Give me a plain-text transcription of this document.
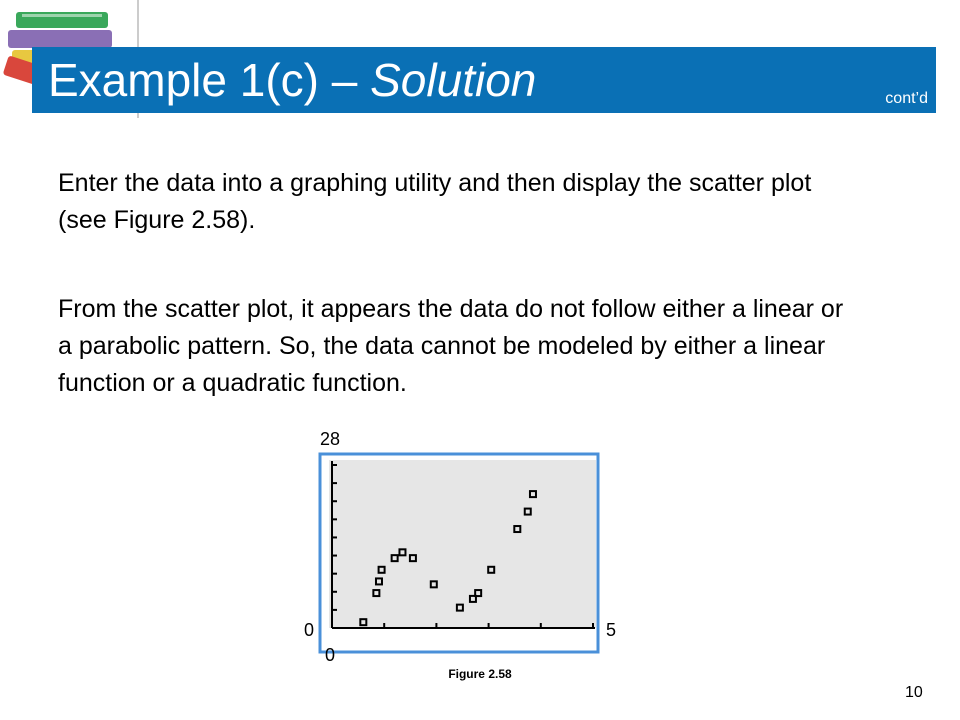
Example 1(c) – Solution	cont’d

Enter the data into a graphing utility and then display the scatter plot (see Figure 2.58).

From the scatter plot, it appears the data do not follow either a linear or a parabolic pattern. So, the data cannot be modeled by either a linear function or a quadratic function.

28
0	5
0
Figure 2.58
10
